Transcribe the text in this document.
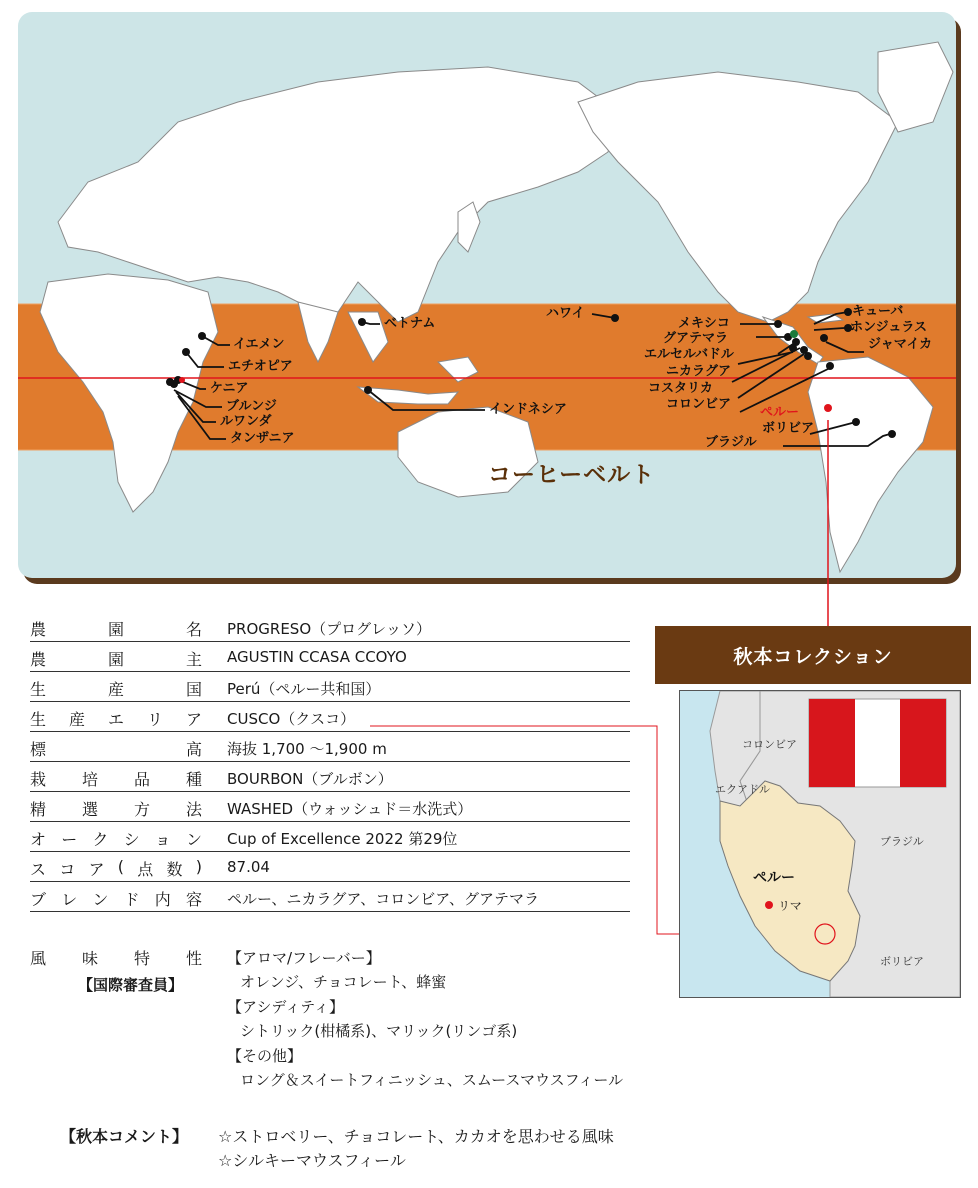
イエメン
エチオピア
ケニア
ブルンジ
ルワンダ
タンザニア
ベトナム
インドネシア
ハワイ	キューバ
ホンジュラス
ジャマイカ
メキシコ
グアテマラ
エルセルバドル
ニカラグア
コスタリカ
コロンビア
ペルー
ボリビア
ブラジル
コーヒーベルト
農	園	名 PROGRESO（プログレッソ）
農	園	主 AGUSTIN CCASA CCOYO
生	産	国 Perú（ペルー共和国）
生 産 エ リ ア CUSCO（クスコ）
標	高 海抜 1,700 ～1,900 m
栽 培 品 種 BOURBON（ブルボン）
精 選 方 法 WASHED（ウォッシュド＝水洗式）
オ ー ク シ ョ ン Cup of Excellence 2022 第29位
ス コ ア ( 点 数 ) 87.04
ブ レ ン ド 内 容 ペルー、ニカラグア、コロンビア、グアテマラ
風 味 特 性
【国際審査員】
【アロマ/フレーバー】
オレンジ、チョコレート、蜂蜜
【アシディティ】
シトリック(柑橘系)、マリック(リンゴ系)
【その他】
ロング＆スイートフィニッシュ、スムースマウスフィール
秋本コレクション
コロンビア
エクアドル
ブラジル
ペルー
リマ
ボリビア
【秋本コメント】 ☆ストロベリー、チョコレート、カカオを思わせる風味
☆シルキーマウスフィール
